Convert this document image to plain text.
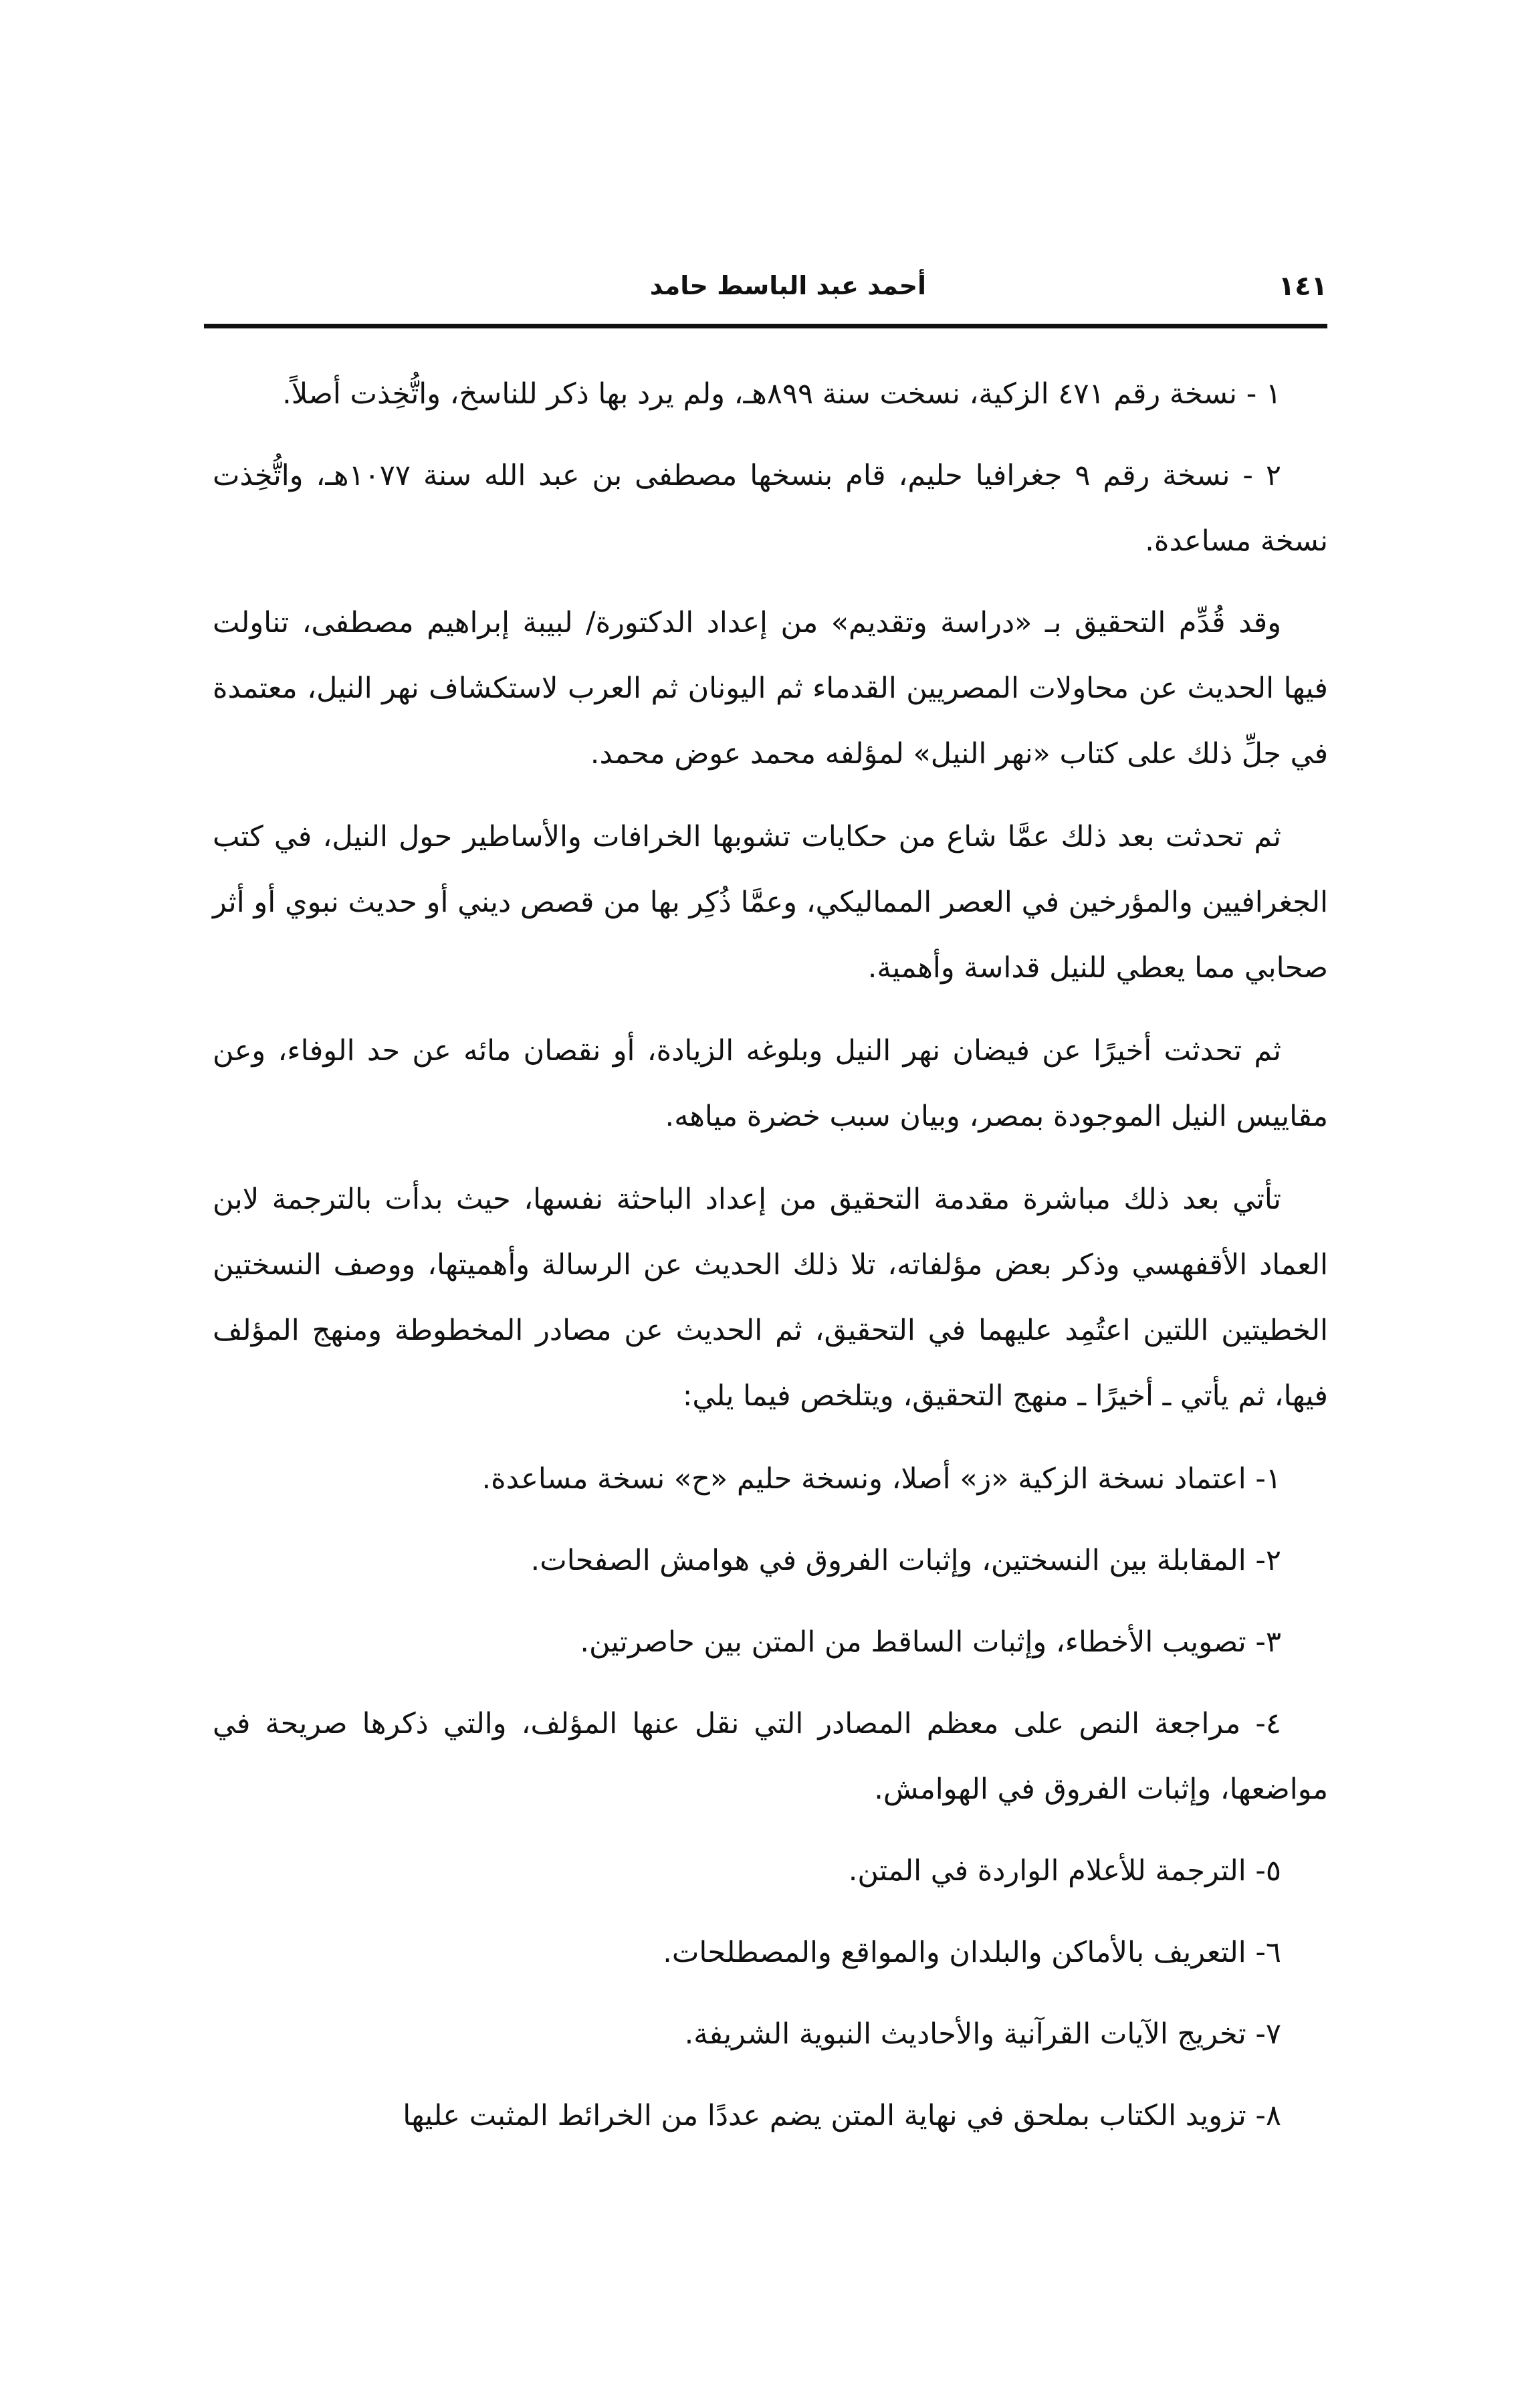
أحمد عبد الباسط حامد	١٤١

١ - نسخة رقم ٤٧١ الزكية، نسخت سنة ٨٩٩هـ، ولم يرد بها ذكر للناسخ، واتُّخِذت أصلاً.

٢ - نسخة رقم ٩ جغرافيا حليم، قام بنسخها مصطفى بن عبد الله سنة ١٠٧٧هـ، واتُّخِذت نسخة مساعدة.

وقد قُدِّم التحقيق بـ «دراسة وتقديم» من إعداد الدكتورة/ لبيبة إبراهيم مصطفى، تناولت فيها الحديث عن محاولات المصريين القدماء ثم اليونان ثم العرب لاستكشاف نهر النيل، معتمدة في جلِّ ذلك على كتاب «نهر النيل» لمؤلفه محمد عوض محمد.

ثم تحدثت بعد ذلك عمَّا شاع من حكايات تشوبها الخرافات والأساطير حول النيل، في كتب الجغرافيين والمؤرخين في العصر المماليكي، وعمَّا ذُكِر بها من قصص ديني أو حديث نبوي أو أثر صحابي مما يعطي للنيل قداسة وأهمية.

ثم تحدثت أخيرًا عن فيضان نهر النيل وبلوغه الزيادة، أو نقصان مائه عن حد الوفاء، وعن مقاييس النيل الموجودة بمصر، وبيان سبب خضرة مياهه.

تأتي بعد ذلك مباشرة مقدمة التحقيق من إعداد الباحثة نفسها، حيث بدأت بالترجمة لابن العماد الأقفهسي وذكر بعض مؤلفاته، تلا ذلك الحديث عن الرسالة وأهميتها، ووصف النسختين الخطيتين اللتين اعتُمِد عليهما في التحقيق، ثم الحديث عن مصادر المخطوطة ومنهج المؤلف فيها، ثم يأتي ـ أخيرًا ـ منهج التحقيق، ويتلخص فيما يلي:

١- اعتماد نسخة الزكية «ز» أصلا، ونسخة حليم «ح» نسخة مساعدة.

٢- المقابلة بين النسختين، وإثبات الفروق في هوامش الصفحات.

٣- تصويب الأخطاء، وإثبات الساقط من المتن بين حاصرتين.

٤- مراجعة النص على معظم المصادر التي نقل عنها المؤلف، والتي ذكرها صريحة في مواضعها، وإثبات الفروق في الهوامش.

٥- الترجمة للأعلام الواردة في المتن.

٦- التعريف بالأماكن والبلدان والمواقع والمصطلحات.

٧- تخريج الآيات القرآنية والأحاديث النبوية الشريفة.

٨- تزويد الكتاب بملحق في نهاية المتن يضم عددًا من الخرائط المثبت عليها
